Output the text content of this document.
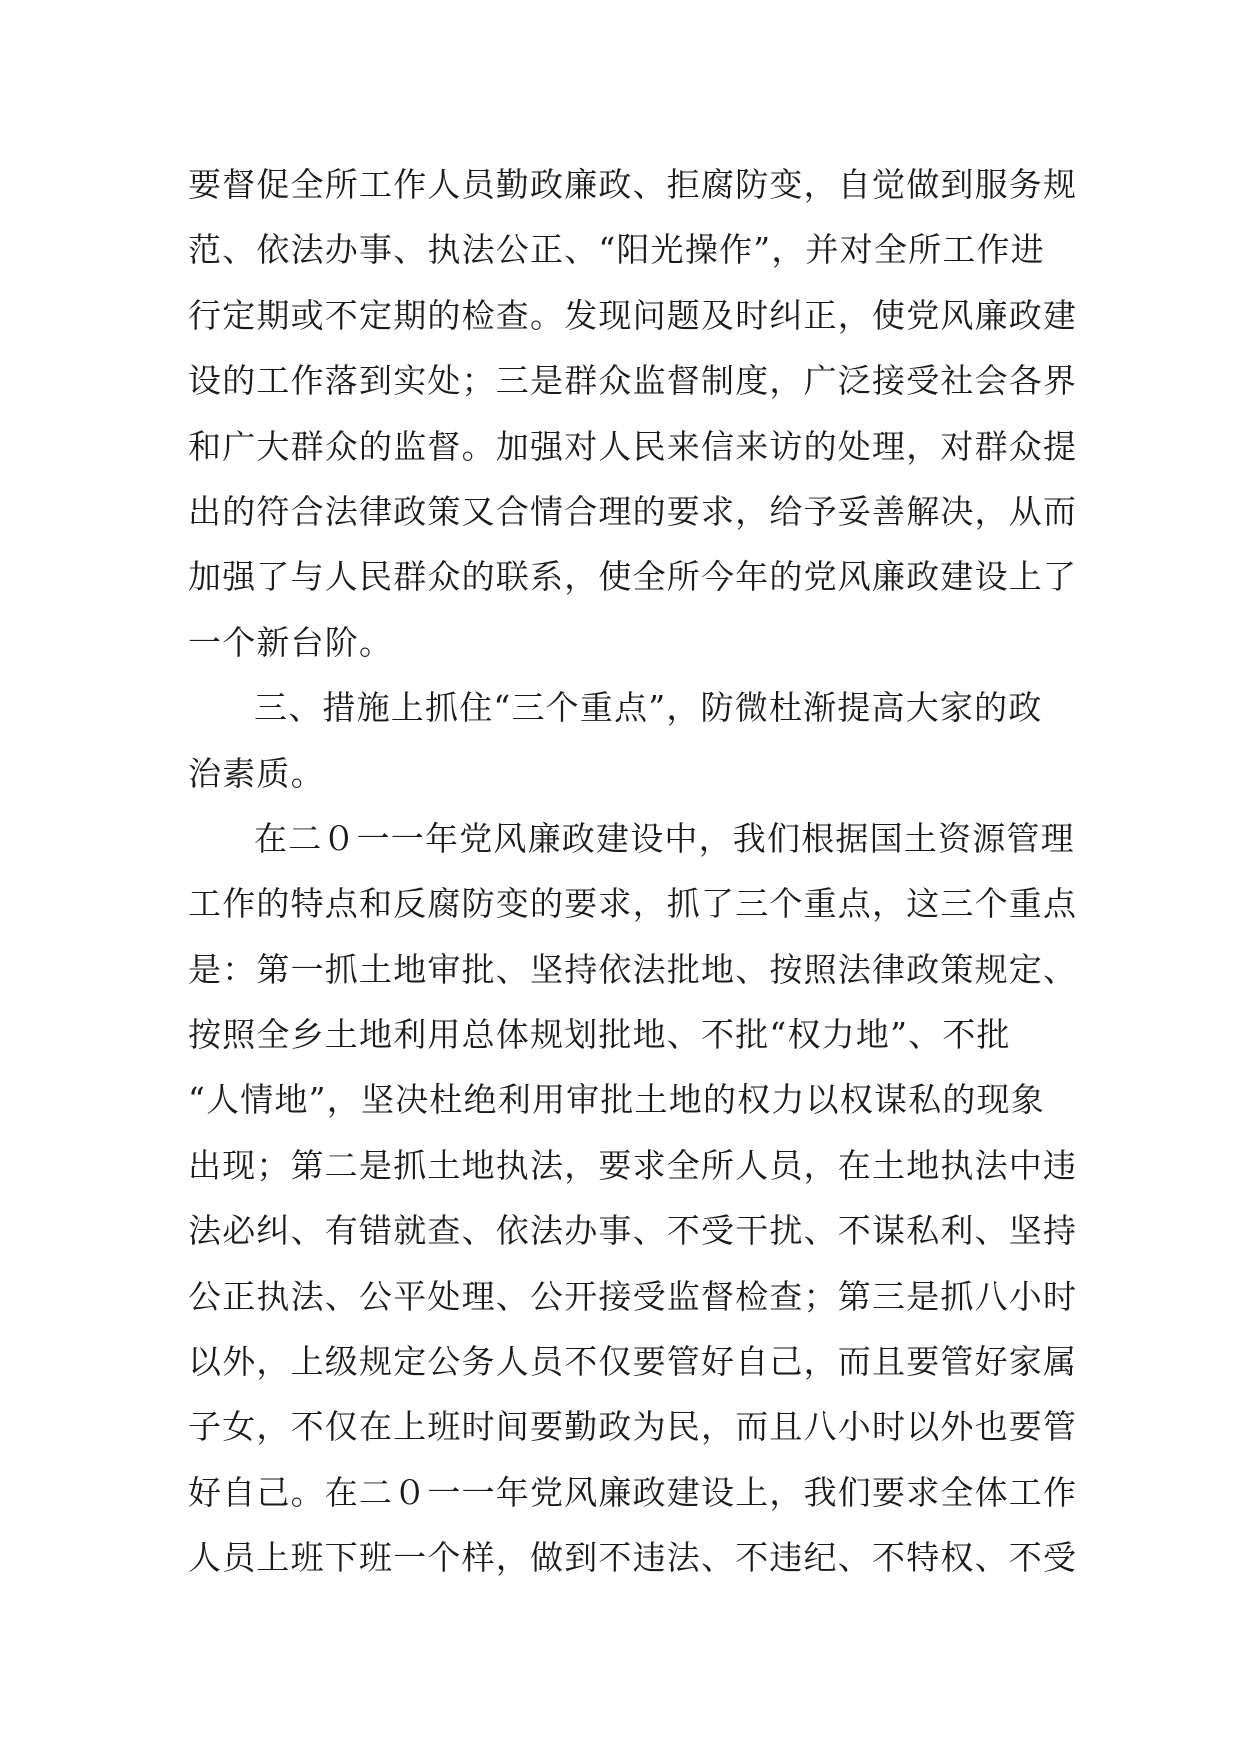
要督促全所工作人员勤政廉政、拒腐防变，自觉做到服务规
范、依法办事、执法公正、“阳光操作”，并对全所工作进
行定期或不定期的检查。发现问题及时纠正，使党风廉政建
设的工作落到实处；三是群众监督制度，广泛接受社会各界
和广大群众的监督。加强对人民来信来访的处理，对群众提
出的符合法律政策又合情合理的要求，给予妥善解决，从而
加强了与人民群众的联系，使全所今年的党风廉政建设上了
一个新台阶。
三、措施上抓住“三个重点”，防微杜渐提高大家的政
治素质。
在二０一一年党风廉政建设中，我们根据国土资源管理
工作的特点和反腐防变的要求，抓了三个重点，这三个重点
是：第一抓土地审批、坚持依法批地、按照法律政策规定、
按照全乡土地利用总体规划批地、不批“权力地”、不批
“人情地”，坚决杜绝利用审批土地的权力以权谋私的现象
出现；第二是抓土地执法，要求全所人员，在土地执法中违
法必纠、有错就查、依法办事、不受干扰、不谋私利、坚持
公正执法、公平处理、公开接受监督检查；第三是抓八小时
以外，上级规定公务人员不仅要管好自己，而且要管好家属
子女，不仅在上班时间要勤政为民，而且八小时以外也要管
好自己。在二０一一年党风廉政建设上，我们要求全体工作
人员上班下班一个样，做到不违法、不违纪、不特权、不受
